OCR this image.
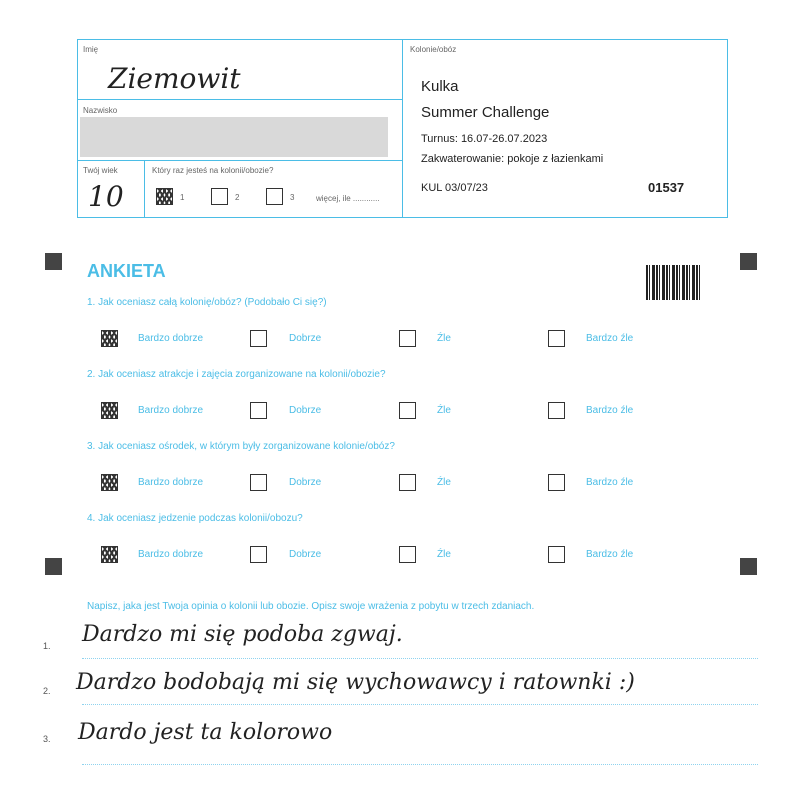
Imię
Ziemowit
Nazwisko
Twój wiek
10
Który raz jesteś na kolonii/obozie?
1	2	3	więcej, ile ............
Kolonie/obóz
Kulka
Summer Challenge
Turnus: 16.07-26.07.2023
Zakwaterowanie: pokoje z łazienkami
KUL 03/07/23	01537
ANKIETA
1. Jak oceniasz całą kolonię/obóz? (Podobało Ci się?)
2. Jak oceniasz atrakcje i zajęcia zorganizowane na kolonii/obozie?
3. Jak oceniasz ośrodek, w którym były zorganizowane kolonie/obóz?
4. Jak oceniasz jedzenie podczas kolonii/obozu?
Bardzo dobrze	Dobrze	Źle	Bardzo źle
Bardzo dobrze	Dobrze	Źle	Bardzo źle
Bardzo dobrze	Dobrze	Źle	Bardzo źle
Bardzo dobrze	Dobrze	Źle	Bardzo źle
Napisz, jaka jest Twoja opinia o kolonii lub obozie. Opisz swoje wrażenia z pobytu w trzech zdaniach.
1. Dardzo mi się podoba zgwaj.
2. Dardzo bodobają mi się wychowawcy i ratownki :)
3. Dardo jest ta kolorowo
